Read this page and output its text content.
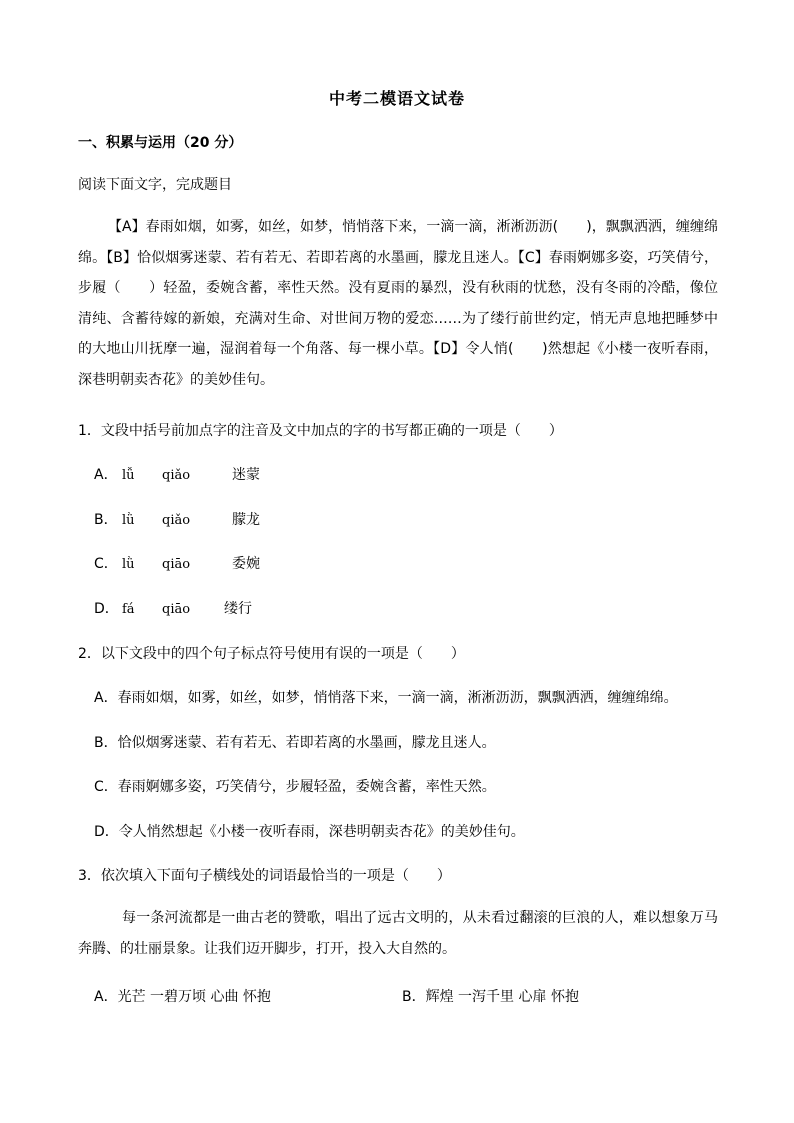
中考二模语文试卷
一、积累与运用（20 分）
阅读下面文字，完成题目

【A】春雨如烟，如雾，如丝，如梦，悄悄落下来，一滴一滴，淅淅沥沥(　　)，飘飘洒洒，缠缠绵绵。【B】恰似烟雾迷蒙、若有若无、若即若离的水墨画，朦龙且迷人。【C】春雨婀娜多姿，巧笑倩兮，步履（　　）轻盈，委婉含蓄，率性天然。没有夏雨的暴烈，没有秋雨的忧愁，没有冬雨的冷酷，像位清纯、含蓄待嫁的新娘，充满对生命、对世间万物的爱恋……为了缕行前世约定，悄无声息地把睡梦中的大地山川抚摩一遍，湿润着每一个角落、每一棵小草。【D】令人悄(　　)然想起《小楼一夜听春雨，深巷明朝卖杏花》的美妙佳句。

1．文段中括号前加点字的注音及文中加点的字的书写都正确的一项是（　　）
A． lǚ qiǎo	迷蒙
B． lǜ qiǎo	朦龙
C． lǜ qiāo	委婉
D． fá qiāo 缕行
2．以下文段中的四个句子标点符号使用有误的一项是（　　）
A．春雨如烟，如雾，如丝，如梦，悄悄落下来，一滴一滴，淅淅沥沥，飘飘洒洒，缠缠绵绵。
B．恰似烟雾迷蒙、若有若无、若即若离的水墨画，朦龙且迷人。
C．春雨婀娜多姿，巧笑倩兮，步履轻盈，委婉含蓄，率性天然。
D．令人悄然想起《小楼一夜听春雨，深巷明朝卖杏花》的美妙佳句。
3．依次填入下面句子横线处的词语最恰当的一项是（　　）

每一条河流都是一曲古老的赞歌，唱出了远古文明的，从未看过翻滚的巨浪的人，难以想象万马奔腾、的壮丽景象。让我们迈开脚步，打开，投入大自然的。

A．光芒 一碧万顷 心曲 怀抱	B．辉煌 一泻千里 心扉 怀抱
